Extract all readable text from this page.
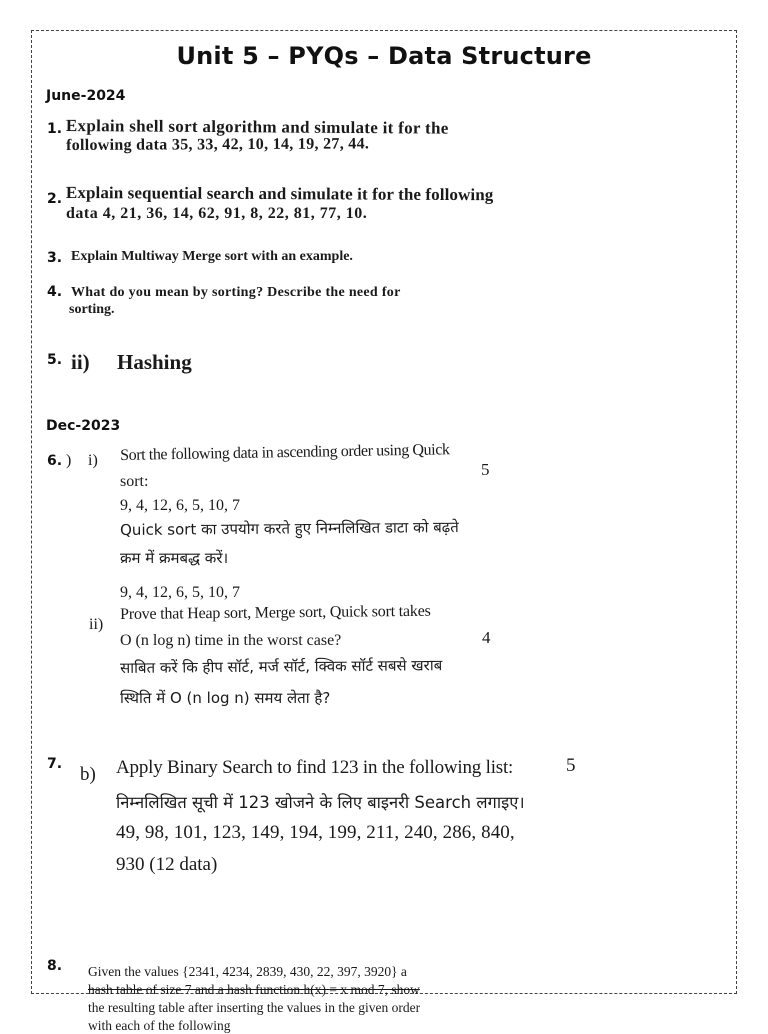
Unit 5 – PYQs – Data Structure
June-2024
1. Explain shell sort algorithm and simulate it for the
following data 35, 33, 42, 10, 14, 19, 27, 44.
2. Explain sequential search and simulate it for the following
data 4, 21, 36, 14, 62, 91, 8, 22, 81, 77, 10.
3. Explain Multiway Merge sort with an example.
4. What do you mean by sorting? Describe the need for
sorting.
5. ii) Hashing
Dec-2023
6. ) i) Sort the following data in ascending order using Quick
5
sort:
9, 4, 12, 6, 5, 10, 7
Quick sort का उपयोग करते हुए निम्नलिखित डाटा को बढ़ते
क्रम में क्रमबद्ध करें।
9, 4, 12, 6, 5, 10, 7
ii)
Prove that Heap sort, Merge sort, Quick sort takes
4
O (n log n) time in the worst case?
साबित करें कि हीप सॉर्ट, मर्ज सॉर्ट, क्विक सॉर्ट सबसे खराब
स्थिति में O (n log n) समय लेता है?
7. b) Apply Binary Search to find 123 in the following list:	5
निम्नलिखित सूची में 123 खोजने के लिए बाइनरी Search लगाइए।
49, 98, 101, 123, 149, 194, 199, 211, 240, 286, 840,
930 (12 data)
8. Given the values {2341, 4234, 2839, 430, 22, 397, 3920} a
hash table of size 7 and a hash function h(x) = x mod 7, show
the resulting table after inserting the values in the given order
with each of the following
